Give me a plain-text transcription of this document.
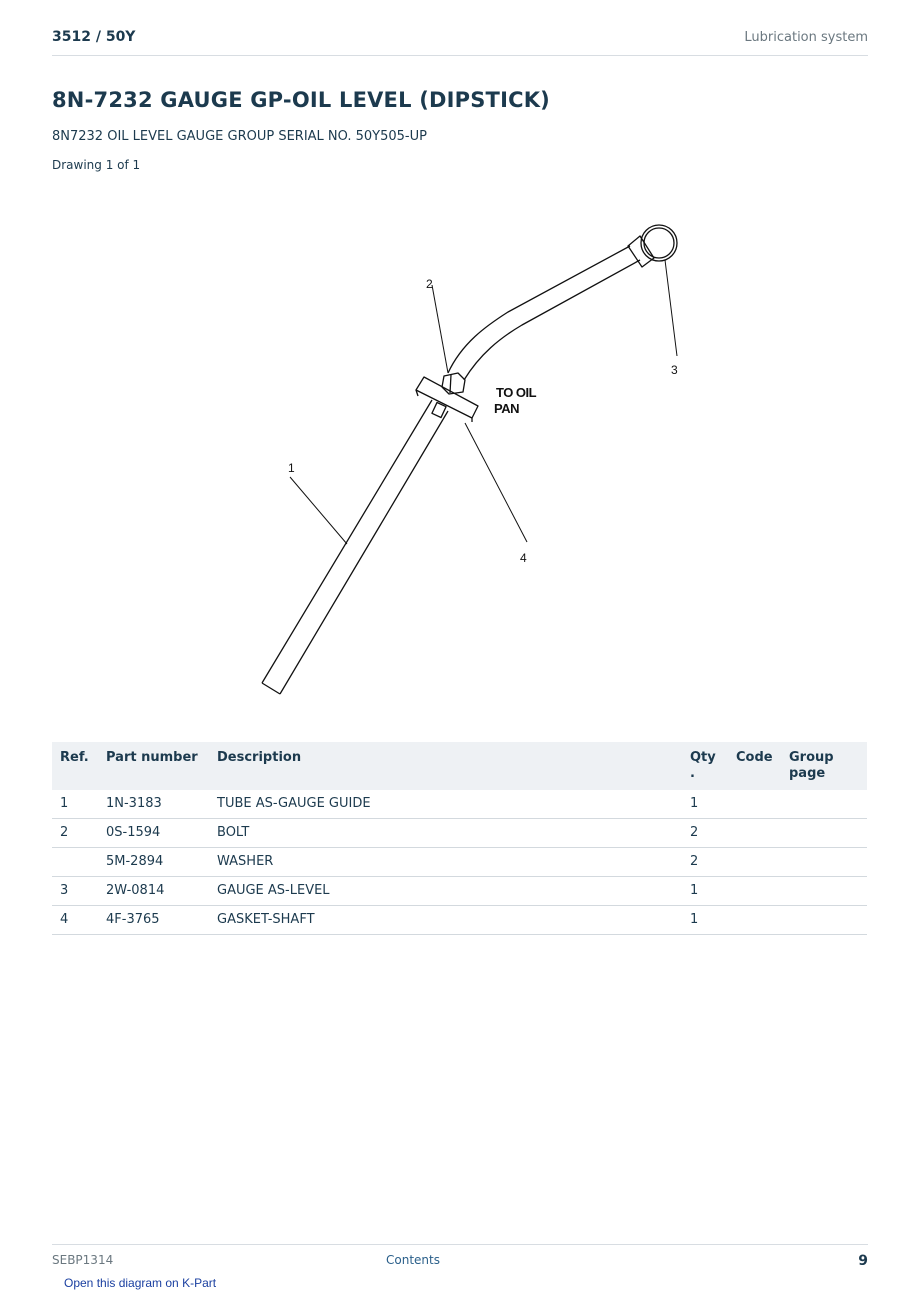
3512 / 50Y	Lubrication system
8N-7232 GAUGE GP-OIL LEVEL (DIPSTICK)
8N7232 OIL LEVEL GAUGE GROUP SERIAL NO. 50Y505-UP
Drawing 1 of 1
1
2
3
4
TO OIL
PAN
Ref.	Part number	Description	Qty .	Code	Group page
1	1N-3183	TUBE AS-GAUGE GUIDE	1		
2	0S-1594	BOLT	2		
	5M-2894	WASHER	2		
3	2W-0814	GAUGE AS-LEVEL	1		
4	4F-3765	GASKET-SHAFT	1		
SEBP1314	Contents	9
Open this diagram on K-Part
